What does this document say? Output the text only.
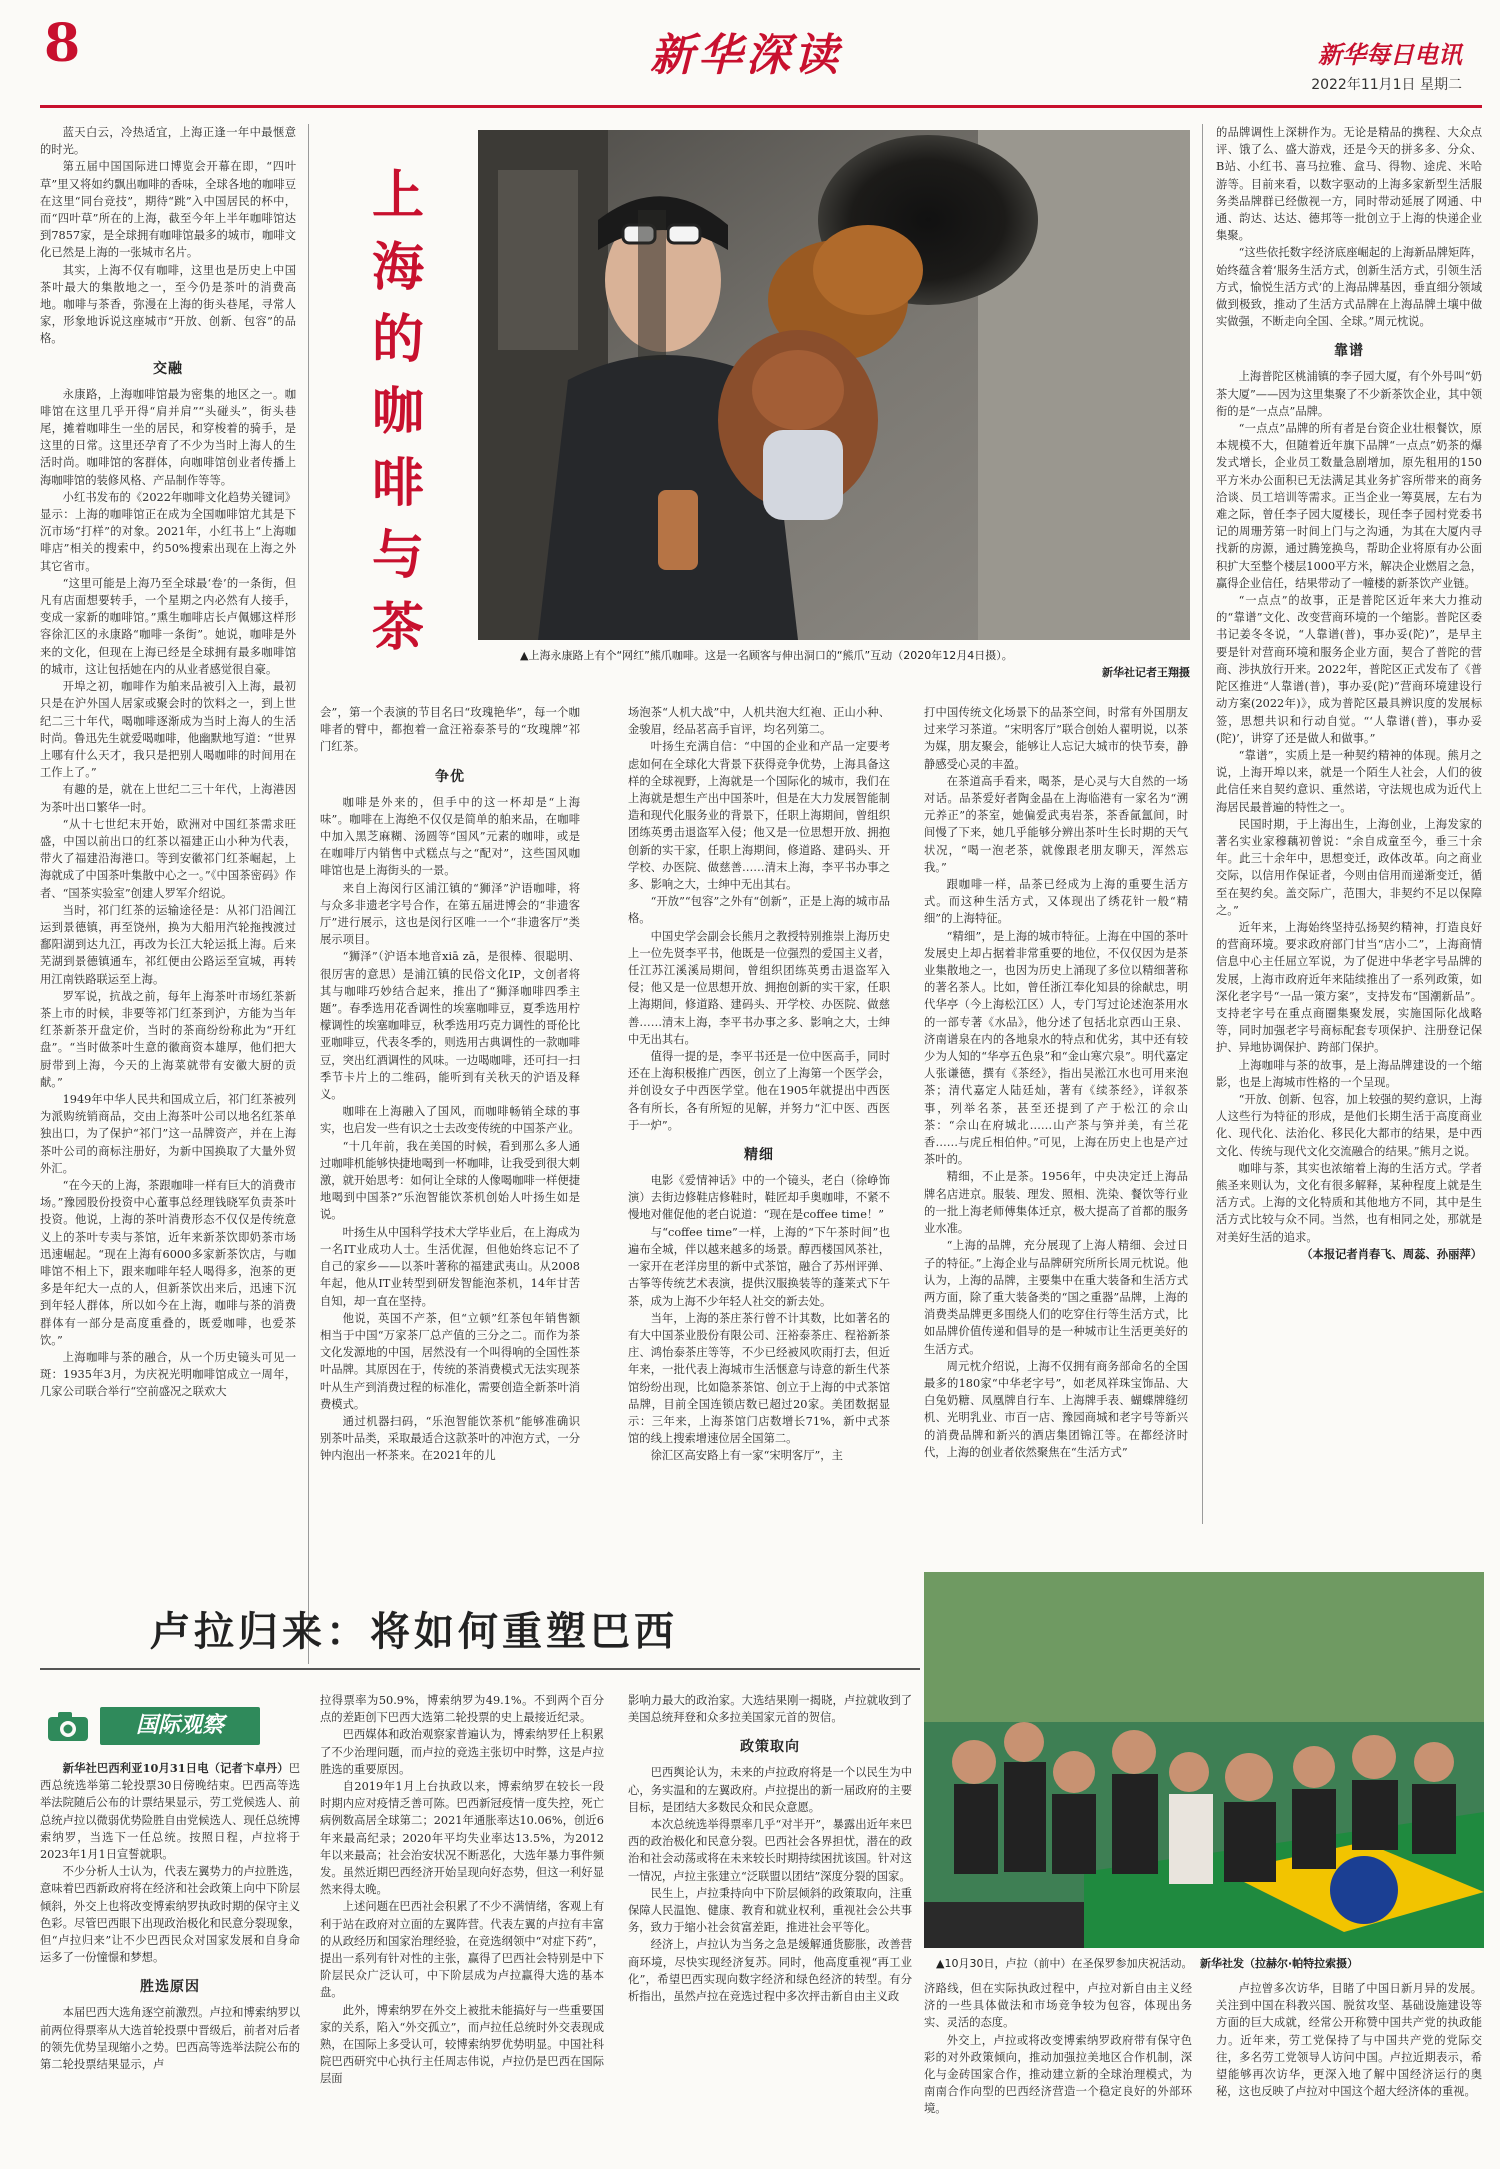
8	新华深读	新华每日电讯
2022年11月1日 星期二
上
海
的
咖
啡
与
茶	▲上海永康路上有个“网红”熊爪咖啡。这是一名顾客与伸出洞口的“熊爪”互动（2020年12月4日摄）。
新华社记者王翔摄

蓝天白云，冷热适宜，上海正逢一年中最惬意的时光。

第五届中国国际进口博览会开幕在即，“四叶草”里又将如约飘出咖啡的香味，全球各地的咖啡豆在这里“同台竞技”，期待“跳”入中国居民的杯中，而“四叶草”所在的上海，截至今年上半年咖啡馆达到7857家，是全球拥有咖啡馆最多的城市，咖啡文化已然是上海的一张城市名片。

其实，上海不仅有咖啡，这里也是历史上中国茶叶最大的集散地之一，至今仍是茶叶的消费高地。咖啡与茶香，弥漫在上海的街头巷尾，寻常人家，形象地诉说这座城市“开放、创新、包容”的品格。

交融

永康路，上海咖啡馆最为密集的地区之一。咖啡馆在这里几乎开得“肩并肩”“头碰头”，街头巷尾，摊着咖啡生一坐的居民，和穿梭着的骑手，是这里的日常。这里还孕育了不少为当时上海人的生活时尚。咖啡馆的客群体，向咖啡馆创业者传播上海咖啡馆的装修风格、产品制作等等。

小红书发布的《2022年咖啡文化趋势关键词》显示：上海的咖啡馆正在成为全国咖啡馆尤其是下沉市场“打样”的对象。2021年，小红书上“上海咖啡店”相关的搜索中，约50%搜索出现在上海之外其它省市。

“这里可能是上海乃至全球最‘卷’的一条街，但凡有店面想要转手，一个星期之内必然有人接手，变成一家新的咖啡馆。”熏生咖啡店长卢佩娜这样形容徐汇区的永康路“咖啡一条街”。她说，咖啡是外来的文化，但现在上海已经是全球拥有最多咖啡馆的城市，这让包括她在内的从业者感觉很自豪。

开埠之初，咖啡作为舶来品被引入上海，最初只是在沪外国人居家或聚会时的饮料之一，到上世纪二三十年代，喝咖啡逐渐成为当时上海人的生活时尚。鲁迅先生就爱喝咖啡，他幽默地写道：“世界上哪有什么天才，我只是把别人喝咖啡的时间用在工作上了。”

有趣的是，就在上世纪二三十年代，上海港因为茶叶出口繁华一时。

“从十七世纪末开始，欧洲对中国红茶需求旺盛，中国以前出口的红茶以福建正山小种为代表，带火了福建沿海港口。等到安徽祁门红茶崛起，上海就成了中国茶叶集散中心之一。”《中国茶密码》作者、“国茶实验室”创建人罗军介绍说。

当时，祁门红茶的运输途径是：从祁门沿阊江运到景德镇，再至饶州，换为大船用汽轮拖拽渡过鄱阳湖到达九江，再改为长江大轮运抵上海。后来芜湖到景德镇通车，祁红便由公路运至宣城，再转用江南铁路联运至上海。

罗军说，抗战之前，每年上海茶叶市场红茶新茶上市的时候，非要等祁门红茶到沪，方能为当年红茶新茶开盘定价，当时的茶商纷纷称此为“开红盘”。“当时做茶叶生意的徽商资本雄厚，他们把大厨带到上海，今天的上海菜就带有安徽大厨的贡献。”

1949年中华人民共和国成立后，祁门红茶被列为派购统销商品，交由上海茶叶公司以地名红茶单独出口，为了保护“祁门”这一品牌资产，并在上海茶叶公司的商标注册好，为新中国换取了大量外贸外汇。

“在今天的上海，茶跟咖啡一样有巨大的消费市场。”豫园股份投资中心董事总经理钱晓军负责茶叶投资。他说，上海的茶叶消费形态不仅仅是传统意义上的茶叶专卖与茶馆，近年来新茶饮即奶茶市场迅速崛起。“现在上海有6000多家新茶饮店，与咖啡馆不相上下，跟来咖啡年轻人喝得多，泡茶的更多是年纪大一点的人，但新茶饮出来后，迅速下沉到年轻人群体，所以如今在上海，咖啡与茶的消费群体有一部分是高度重叠的，既爱咖啡，也爱茶饮。”

上海咖啡与茶的融合，从一个历史镜头可见一斑：1935年3月，为庆祝光明咖啡馆成立一周年，几家公司联合举行“空前盛况之联欢大

会”，第一个表演的节目名曰“玫瑰艳华”，每一个咖啡者的臂中，都抱着一盒汪裕泰茶号的“玫瑰牌”祁门红茶。

争优

咖啡是外来的，但手中的这一杯却是“上海味”。咖啡在上海绝不仅仅是简单的舶来品，在咖啡中加入黑芝麻糊、汤圆等“国风”元素的咖啡，或是在咖啡厅内销售中式糕点与之“配对”，这些国风咖啡馆也是上海街头的一景。

来自上海闵行区浦江镇的“狮泽”沪语咖啡，将与众多非遗老字号合作，在第五届进博会的“非遗客厅”进行展示，这也是闵行区唯一一个“非遗客厅”类展示项目。

“狮泽”（沪语本地音xiā zā，是很棒、很聪明、很厉害的意思）是浦江镇的民俗文化IP，文创者将其与咖啡巧妙结合起来，推出了“狮泽咖啡四季主题”。春季选用花香调性的埃塞咖啡豆，夏季选用柠檬调性的埃塞咖啡豆，秋季选用巧克力调性的哥伦比亚咖啡豆，代表冬季的，则选用古典调性的一款咖啡豆，突出红酒调性的风味。一边喝咖啡，还可扫一扫季节卡片上的二维码，能听到有关秋天的沪语及释义。

咖啡在上海融入了国风，而咖啡畅销全球的事实，也启发一些有识之士去改变传统的中国茶产业。

“十几年前，我在美国的时候，看到那么多人通过咖啡机能够快捷地喝到一杯咖啡，让我受到很大刺激，就开始思考：如何让全球的人像喝咖啡一样便捷地喝到中国茶?”乐泡智能饮茶机创始人叶扬生如是说。

叶扬生从中国科学技术大学毕业后，在上海成为一名IT业成功人士。生活优渥，但他始终忘记不了自己的家乡——以茶叶著称的福建武夷山。从2008年起，他从IT业转型到研发智能泡茶机，14年甘苦自知，却一直在坚持。

他说，英国不产茶，但“立顿”红茶包年销售额相当于中国“万家茶厂总产值的三分之二。而作为茶文化发源地的中国，居然没有一个叫得响的全国性茶叶品牌。其原因在于，传统的茶消费模式无法实现茶叶从生产到消费过程的标准化，需要创造全新茶叶消费模式。

通过机器扫码，“乐泡智能饮茶机”能够准确识别茶叶品类，采取最适合这款茶叶的冲泡方式，一分钟内泡出一杯茶来。在2021年的儿

场泡茶“人机大战”中，人机共泡大红袍、正山小种、金骏眉，经品茗高手盲评，均名列第二。

叶扬生充满自信：“中国的企业和产品一定要考虑如何在全球化大背景下获得竞争优势，上海具备这样的全球视野，上海就是一个国际化的城市，我们在上海就是想生产出中国茶叶，但是在大力发展智能制造和现代化服务业的背景下，任职上海期间，曾组织团练英勇击退盗军入侵；他又是一位思想开放、拥抱创新的实干家，任职上海期间，修道路、建码头、开学校、办医院、做慈善……清末上海，李平书办事之多、影响之大，士绅中无出其右。

“开放”“包容”之外有“创新”，正是上海的城市品格。

中国史学会副会长熊月之教授特别推崇上海历史上一位先贤李平书，他既是一位强烈的爱国主义者，任江苏江溪溪局期间，曾组织团练英勇击退盗军入侵；他又是一位思想开放、拥抱创新的实干家，任职上海期间，修道路、建码头、开学校、办医院、做慈善……清末上海，李平书办事之多、影响之大，士绅中无出其右。

值得一提的是，李平书还是一位中医高手，同时还在上海积极推广西医，创立了上海第一个医学会，并创设女子中西医学堂。他在1905年就提出中西医各有所长，各有所短的见解，并努力“汇中医、西医于一炉”。

精细

电影《爱情神话》中的一个镜头，老白（徐峥饰演）去街边修鞋店修鞋时，鞋匠却手奥咖啡，不紧不慢地对催促他的老白说道：“现在是coffee time！”

与“coffee time”一样，上海的“下午茶时间”也遍布全城，伴以越来越多的场景。醇西楼国风茶社，一家开在老洋房里的新中式茶馆，融合了苏州评弹、古筝等传统艺术表演，提供汉服换装等的蓬莱式下午茶，成为上海不少年轻人社交的新去处。

当年，上海的茶庄茶行曾不计其数，比如著名的有大中国茶业股份有限公司、汪裕泰茶庄、程裕新茶庄、鸿怡泰茶庄等等，不少已经被风吹雨打去，但近年来，一批代表上海城市生活惬意与诗意的新生代茶馆纷纷出现，比如隐茶茶馆、创立于上海的中式茶馆品牌，目前全国连锁店数已超过20家。美团数据显示：三年来，上海茶馆门店数增长71%，新中式茶馆的线上搜索增速位居全国第二。

徐汇区高安路上有一家“宋明客厅”，主

打中国传统文化场景下的品茶空间，时常有外国朋友过来学习茶道。“宋明客厅”联合创始人翟明说，以茶为媒，朋友聚会，能够让人忘记大城市的快节奏，静静感受心灵的丰盈。

在茶道高手看来，喝茶，是心灵与大自然的一场对话。品茶爱好者陶金晶在上海临港有一家名为“溯元养正”的茶室，她偏爱武夷岩茶，茶香氤氲间，时间慢了下来，她几乎能够分辨出茶叶生长时期的天气状况，“喝一泡老茶，就像跟老朋友聊天，浑然忘我。”

跟咖啡一样，品茶已经成为上海的重要生活方式。而这种生活方式，又体现出了绣花针一般“精细”的上海特征。

“精细”，是上海的城市特征。上海在中国的茶叶发展史上却占据着非常重要的地位，不仅仅因为是茶业集散地之一，也因为历史上涌现了多位以精细著称的著名茶人。比如，曾任浙江奉化知县的徐献忠，明代华亭（今上海松江区）人，专门写过论述泡茶用水的一部专著《水品》，他分述了包括北京西山王泉、济南谱泉在内的各地泉水的特点和优劣，其中还有较少为人知的“华亭五色泉”和“金山寒穴泉”。明代嘉定人张谦德，撰有《茶经》，指出吴淞江水也可用来泡茶；清代嘉定人陆廷灿，著有《续茶经》，详叙茶事，列举名茶，甚至还提到了产于松江的佘山茶：“佘山在府城北……山产茶与笋并美，有兰花香……与虎丘相伯仲。”可见，上海在历史上也是产过茶叶的。

精细，不止是茶。1956年，中央决定迁上海品牌名店进京。服装、理发、照相、洗染、餐饮等行业的一批上海老师傅集体迁京，极大提高了首都的服务业水准。

“上海的品牌，充分展现了上海人精细、会过日子的特征。”上海企业与品牌研究所所长周元枕说。他认为，上海的品牌，主要集中在重大装备和生活方式两方面，除了重大装备类的“国之重器”品牌，上海的消费类品牌更多围绕人们的吃穿住行等生活方式，比如品牌价值传递和倡导的是一种城市让生活更美好的生活方式。

周元枕介绍说，上海不仅拥有商务部命名的全国最多的180家“中华老字号”，如老凤祥珠宝饰品、大白兔奶糖、凤凰牌自行车、上海牌手表、蝴蝶牌缝纫机、光明乳业、市百一店、豫园商城和老字号等新兴的消费品牌和新兴的酒店集团锦江等。在都经济时代，上海的创业者依然聚焦在“生活方式”

的品牌调性上深耕作为。无论是精品的携程、大众点评、饿了么、盛大游戏，还是今天的拼多多、分众、B站、小红书、喜马拉雅、盒马、得物、途虎、米哈游等。目前来看，以数字驱动的上海多家新型生活服务类品牌群已经傲视一方，同时带动延展了网通、中通、韵达、达达、德邦等一批创立于上海的快递企业集聚。

“这些依托数字经济底座崛起的上海新品牌矩阵，始终蕴含着‘服务生活方式，创新生活方式，引领生活方式，愉悦生活方式’的上海品牌基因，垂直细分领域做到极致，推动了生活方式品牌在上海品牌土壤中做实做强，不断走向全国、全球。”周元枕说。

靠谱

上海普陀区桃浦镇的李子园大厦，有个外号叫“奶茶大厦”——因为这里集聚了不少新茶饮企业，其中领衔的是“一点点”品牌。

“一点点”品牌的所有者是台资企业壮根餐饮，原本规模不大，但随着近年旗下品牌“一点点”奶茶的爆发式增长，企业员工数量急剧增加，原先租用的150平方米办公面积已无法满足其业务扩容所带来的商务洽谈、员工培训等需求。正当企业一筹莫展，左右为难之际，曾任李子园大厦楼长，现任李子园村党委书记的周珊芳第一时间上门与之沟通，为其在大厦内寻找新的房源，通过腾笼换鸟，帮助企业将原有办公面积扩大至整个楼层1000平方米，解决企业燃眉之急，赢得企业信任，结果带动了一幢楼的新茶饮产业链。

“一点点”的故事，正是普陀区近年来大力推动的“靠谱”文化、改变营商环境的一个缩影。普陀区委书记姜冬冬说，“人靠谱(普)，事办妥(陀)”，是早主要是针对营商环境和服务企业方面，契合了普陀的营商、涉执放行开来。2022年，普陀区正式发布了《普陀区推进“人靠谱(普)，事办妥(陀)”营商环境建设行动方案(2022年)》，成为普陀区最具辨识度的发展标签，思想共识和行动自觉。“‘人靠谱(普)，事办妥(陀)’，讲穿了还是做人和做事。”

“靠谱”，实质上是一种契约精神的体现。熊月之说，上海开埠以来，就是一个陌生人社会，人们的彼此信任来自契约意识、重然诺，守法规也成为近代上海居民最普遍的特性之一。

民国时期，于上海出生，上海创业，上海发家的著名实业家穆藕初曾说：“余自成童至今，垂三十余年。此三十余年中，思想变迁，政体改革。向之商业交际，以信用作保证者，今则由信用而递渐变迁，循至在契约矣。盖交际广，范围大，非契约不足以保障之。”

近年来，上海始终坚持弘扬契约精神，打造良好的营商环境。要求政府部门甘当“店小二”，上海商情信息中心主任屈立军说，为了促进中华老字号品牌的发展，上海市政府近年来陆续推出了一系列政策，如深化老字号“一品一策方案”，支持发布“国潮新品”。支持老字号在重点商圈集聚发展，实施国际化战略等，同时加强老字号商标配套专项保护、注册登记保护、异地协调保护、跨部门保护。

上海咖啡与茶的故事，是上海品牌建设的一个缩影，也是上海城市性格的一个呈现。

“开放、创新、包容，加上较强的契约意识，上海人这些行为特征的形成，是他们长期生活于高度商业化、现代化、法治化、移民化大都市的结果，是中西文化、传统与现代文化交流融合的结果。”熊月之说。

咖啡与茶，其实也浓缩着上海的生活方式。学者熊圣来则认为，文化有很多解释，某种程度上就是生活方式。上海的文化特质和其他地方不同，其中是生活方式比较与众不同。当然，也有相同之处，那就是对美好生活的追求。

（本报记者肖春飞、周蕊、孙丽萍）

卢拉归来：将如何重塑巴西
▲10月30日，卢拉（前中）在圣保罗参加庆祝活动。 新华社发（拉赫尔·帕特拉索摄）
国际观察

新华社巴西利亚10月31日电（记者卞卓丹）巴西总统选举第二轮投票30日傍晚结束。巴西高等选举法院随后公布的计票结果显示，劳工党候选人、前总统卢拉以微弱优势险胜自由党候选人、现任总统博索纳罗，当选下一任总统。按照日程，卢拉将于2023年1月1日宣誓就职。

不少分析人士认为，代表左翼势力的卢拉胜选，意味着巴西新政府将在经济和社会政策上向中下阶层倾斜，外交上也将改变博索纳罗执政时期的保守主义色彩。尽管巴西眼下出现政治极化和民意分裂现象，但“卢拉归来”让不少巴西民众对国家发展和自身命运多了一份憧憬和梦想。

胜选原因

本届巴西大选角逐空前激烈。卢拉和博索纳罗以前两位得票率从大选首轮投票中晋级后，前者对后者的领先优势呈现缩小之势。巴西高等选举法院公布的第二轮投票结果显示，卢

拉得票率为50.9%，博索纳罗为49.1%。不到两个百分点的差距创下巴西大选第二轮投票的史上最接近纪录。

巴西媒体和政治观察家普遍认为，博索纳罗任上积累了不少治理问题，而卢拉的竞选主张切中时弊，这是卢拉胜选的重要原因。

自2019年1月上台执政以来，博索纳罗在较长一段时期内应对疫情乏善可陈。巴西新冠疫情一度失控，死亡病例数高居全球第二；2021年通胀率达10.06%，创近6年来最高纪录；2020年平均失业率达13.5%，为2012年以来最高；社会治安状况不断恶化，大选年暴力事件频发。虽然近期巴西经济开始呈现向好态势，但这一利好显然来得太晚。

上述问题在巴西社会积累了不少不满情绪，客观上有利于站在政府对立面的左翼阵营。代表左翼的卢拉有丰富的从政经历和国家治理经验，在竞选纲领中“对症下药”，提出一系列有针对性的主张，赢得了巴西社会特别是中下阶层民众广泛认可，中下阶层成为卢拉赢得大选的基本盘。

此外，博索纳罗在外交上被批未能搞好与一些重要国家的关系，陷入“外交孤立”，而卢拉任总统时外交表现成熟，在国际上多受认可，较博索纳罗优势明显。中国社科院巴西研究中心执行主任周志伟说，卢拉仍是巴西在国际层面

影响力最大的政治家。大选结果刚一揭晓，卢拉就收到了美国总统拜登和众多拉美国家元首的贺信。

政策取向

巴西舆论认为，未来的卢拉政府将是一个以民生为中心，务实温和的左翼政府。卢拉提出的新一届政府的主要目标，是团结大多数民众和民众意愿。

本次总统选举得票率几乎“对半开”，暴露出近年来巴西的政治极化和民意分裂。巴西社会各界担忧，潜在的政治和社会动荡或将在未来较长时期持续困扰该国。针对这一情况，卢拉主张建立“泛联盟以团结”深度分裂的国家。

民生上，卢拉秉持向中下阶层倾斜的政策取向，注重保障人民温饱、健康、教育和就业权利，重视社会公共事务，致力于缩小社会贫富差距，推进社会平等化。

经济上，卢拉认为当务之急是缓解通货膨胀，改善营商环境，尽快实现经济复苏。同时，他高度重视“再工业化”，希望巴西实现向数字经济和绿色经济的转型。有分析指出，虽然卢拉在竞选过程中多次抨击新自由主义政

济路线，但在实际执政过程中，卢拉对新自由主义经济的一些具体做法和市场竞争较为包容，体现出务实、灵活的态度。

外交上，卢拉或将改变博索纳罗政府带有保守色彩的对外政策倾向，推动加强拉美地区合作机制，深化与金砖国家合作，推动建立新的全球治理模式，为南南合作向型的巴西经济营造一个稳定良好的外部环境。

卢拉曾多次访华，目睹了中国日新月异的发展。关注到中国在科教兴国、脱贫攻坚、基础设施建设等方面的巨大成就，经常公开称赞中国共产党的执政能力。近年来，劳工党保持了与中国共产党的党际交往，多名劳工党领导人访问中国。卢拉近期表示，希望能够再次访华，更深入地了解中国经济运行的奥秘，这也反映了卢拉对中国这个超大经济体的重视。
